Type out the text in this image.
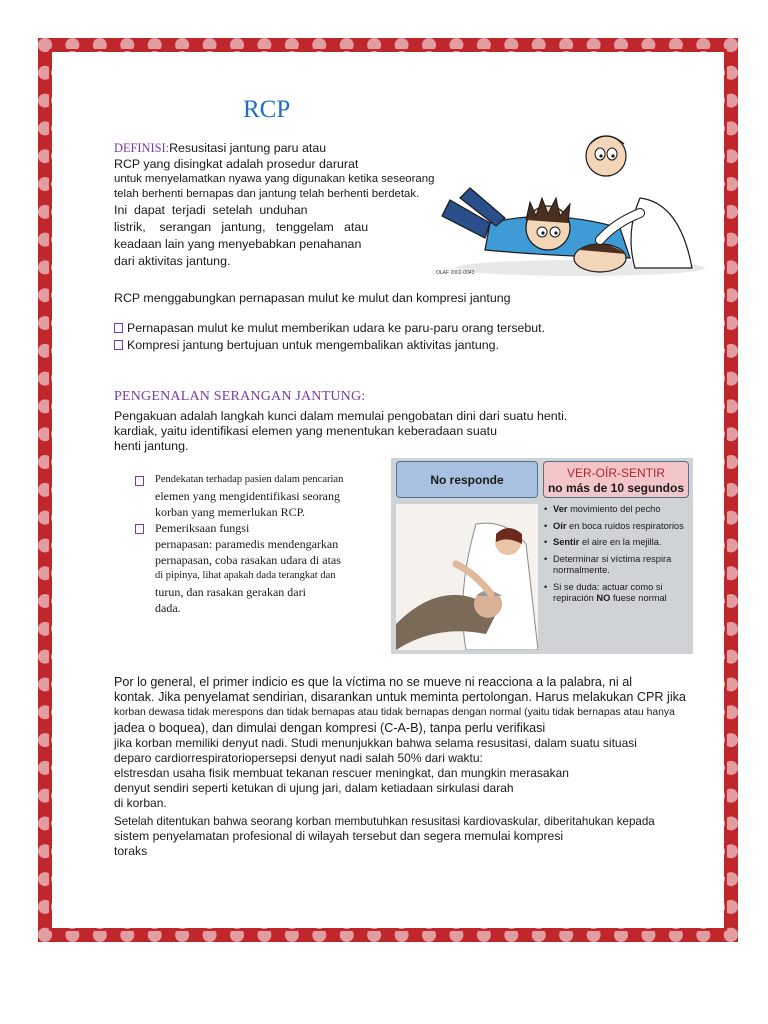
RCP
DEFINISI:Resusitasi jantung paru atau
RCP yang disingkat adalah prosedur darurat
untuk menyelamatkan nyawa yang digunakan ketika seseorang
telah berhenti bernapas dan jantung telah berhenti berdetak.
Ini  dapat  terjadi  setelah  unduhan
listrik,    serangan   jantung,   tenggelam   atau
keadaan lain yang menyebabkan penahanan
dari aktivitas jantung.
OLAF 2002-0043
RCP menggabungkan pernapasan mulut ke mulut dan kompresi jantung
Pernapasan mulut ke mulut memberikan udara ke paru-paru orang tersebut.
Kompresi jantung bertujuan untuk mengembalikan aktivitas jantung.
PENGENALAN SERANGAN JANTUNG:
Pengakuan adalah langkah kunci dalam memulai pengobatan dini dari suatu henti.
kardiak, yaitu identifikasi elemen yang menentukan keberadaan suatu
henti jantung.
Pendekatan terhadap pasien dalam pencarian
elemen yang mengidentifikasi seorang
korban yang memerlukan RCP.
Pemeriksaan fungsi
pernapasan: paramedis mendengarkan
pernapasan, coba rasakan udara di atas
di pipinya, lihat apakah dada terangkat dan
turun, dan rasakan gerakan dari
dada.
No responde	VER-OÍR-SENTIR
no más de 10 segundos
• Ver movimiento del pecho
• Oír en boca ruidos respiratorios
• Sentir el aire en la mejilla.
• Determinar si víctima respira normalmente.
• Si se duda: actuar como si repiración NO fuese normal
Por lo general, el primer indicio es que la víctima no se mueve ni reacciona a la palabra, ni al
kontak. Jika penyelamat sendirian, disarankan untuk meminta pertolongan. Harus melakukan CPR jika
korban dewasa tidak merespons dan tidak bernapas atau tidak bernapas dengan normal (yaitu tidak bernapas atau hanya
jadea o boquea), dan dimulai dengan kompresi (C-A-B), tanpa perlu verifikasi
jika korban memiliki denyut nadi. Studi menunjukkan bahwa selama resusitasi, dalam suatu situasi
deparo cardiorrespiratoriopersepsi denyut nadi salah 50% dari waktu:
elstresdan usaha fisik membuat tekanan rescuer meningkat, dan mungkin merasakan
denyut sendiri seperti ketukan di ujung jari, dalam ketiadaan sirkulasi darah
di korban.
Setelah ditentukan bahwa seorang korban membutuhkan resusitasi kardiovaskular, diberitahukan kepada
sistem penyelamatan profesional di wilayah tersebut dan segera memulai kompresi
toraks
